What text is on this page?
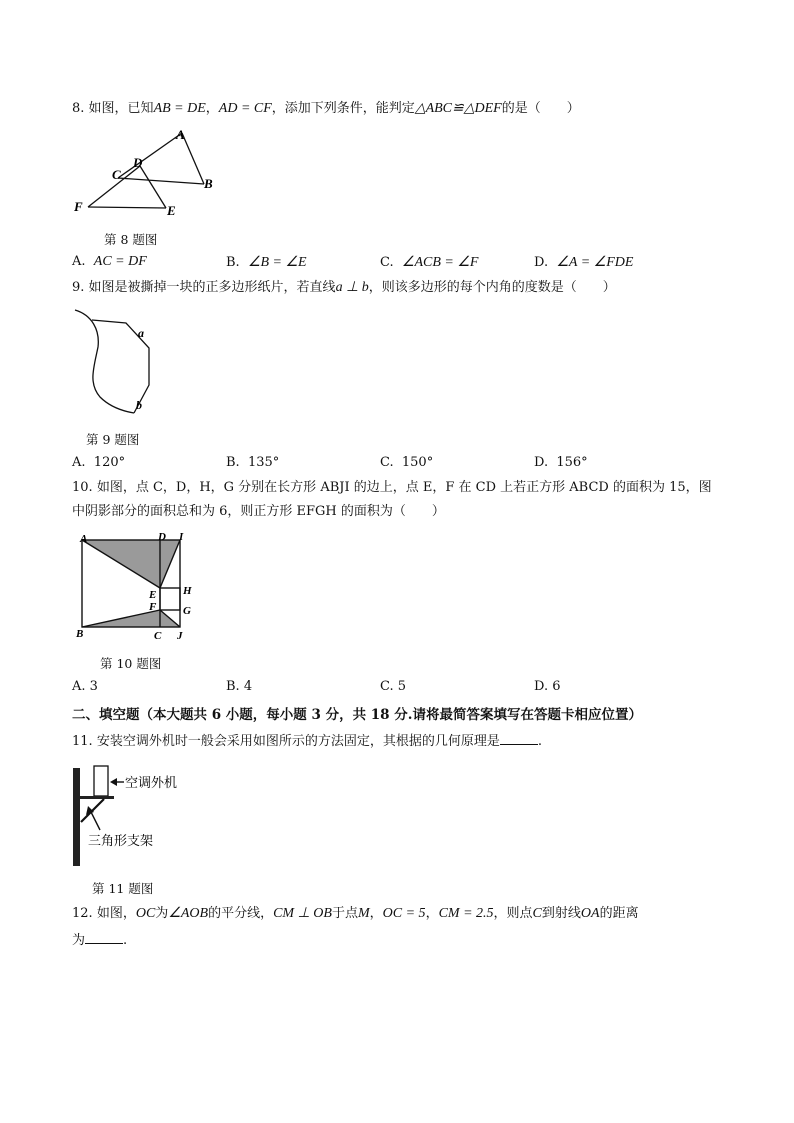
8. 如图，已知AB = DE，AD = CF，添加下列条件，能判定△ABC≌△DEF的是（　　）
A
D
C
B
F	E
第 8 题图
A. AC = DF	B. ∠B = ∠E	C. ∠ACB = ∠F	D. ∠A = ∠FDE
9. 如图是被撕掉一块的正多边形纸片，若直线a ⊥ b，则该多边形的每个内角的度数是（　　）
a
b
第 9 题图
A. 120°	B. 135°	C. 150°	D. 156°
10. 如图，点 C，D，H，G 分别在长方形 ABJI 的边上，点 E，F 在 CD 上若正方形 ABCD 的面积为 15，图
中阴影部分的面积总和为 6，则正方形 EFGH 的面积为（　　）
A	D I
H
E
F G
B	C J
第 10 题图
A. 3	B. 4	C. 5	D. 6
二、填空题（本大题共 6 小题，每小题 3 分，共 18 分.请将最简答案填写在答题卡相应位置）
11. 安装空调外机时一般会采用如图所示的方法固定，其根据的几何原理是	.
空调外机
三角形支架
第 11 题图
12. 如图，OC为∠AOB的平分线，CM ⊥ OB于点M，OC = 5，CM = 2.5，则点C到射线OA的距离
为	.
